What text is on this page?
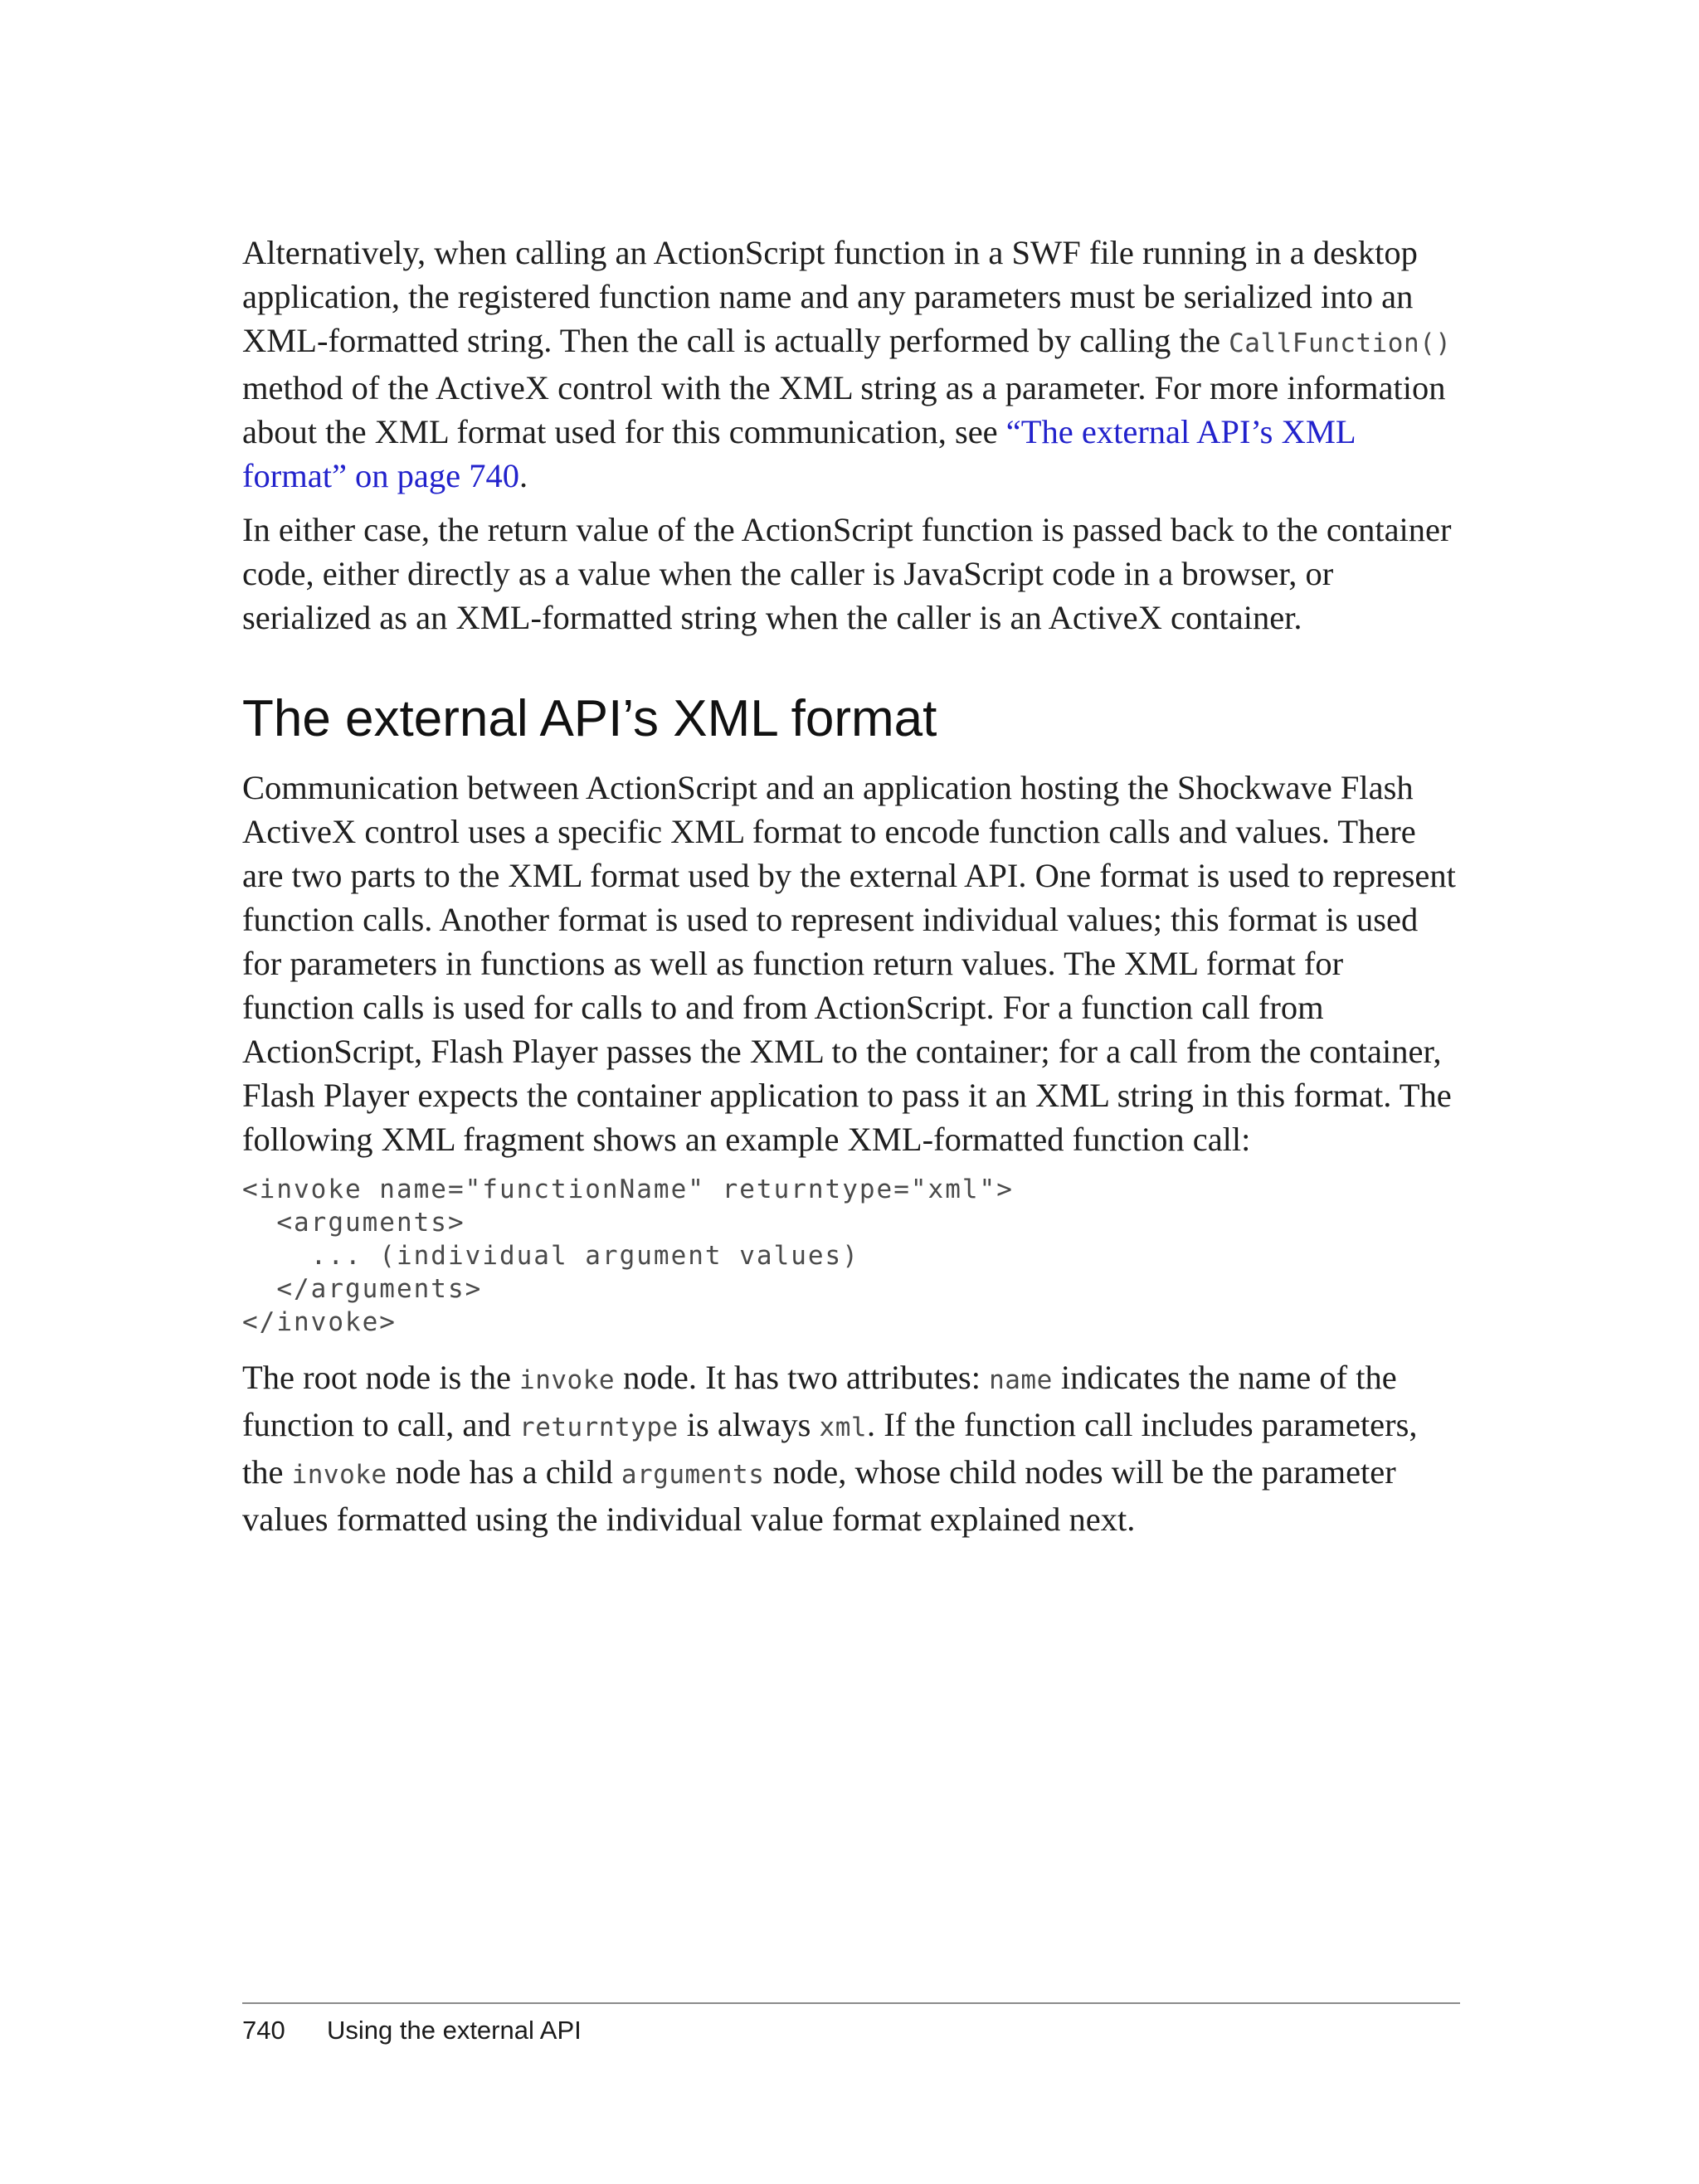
Alternatively, when calling an ActionScript function in a SWF file running in a desktop application, the registered function name and any parameters must be serialized into an XML-formatted string. Then the call is actually performed by calling the CallFunction() method of the ActiveX control with the XML string as a parameter. For more information about the XML format used for this communication, see “The external API’s XML format” on page 740.

In either case, the return value of the ActionScript function is passed back to the container code, either directly as a value when the caller is JavaScript code in a browser, or serialized as an XML-formatted string when the caller is an ActiveX container.

The external API’s XML format

Communication between ActionScript and an application hosting the Shockwave Flash ActiveX control uses a specific XML format to encode function calls and values. There are two parts to the XML format used by the external API. One format is used to represent function calls. Another format is used to represent individual values; this format is used for parameters in functions as well as function return values. The XML format for function calls is used for calls to and from ActionScript. For a function call from ActionScript, Flash Player passes the XML to the container; for a call from the container, Flash Player expects the container application to pass it an XML string in this format. The following XML fragment shows an example XML-formatted function call:

<invoke name="functionName" returntype="xml">
<arguments>
... (individual argument values)
</arguments>
</invoke>

The root node is the invoke node. It has two attributes: name indicates the name of the function to call, and returntype is always xml. If the function call includes parameters, the invoke node has a child arguments node, whose child nodes will be the parameter values formatted using the individual value format explained next.

740 Using the external API
